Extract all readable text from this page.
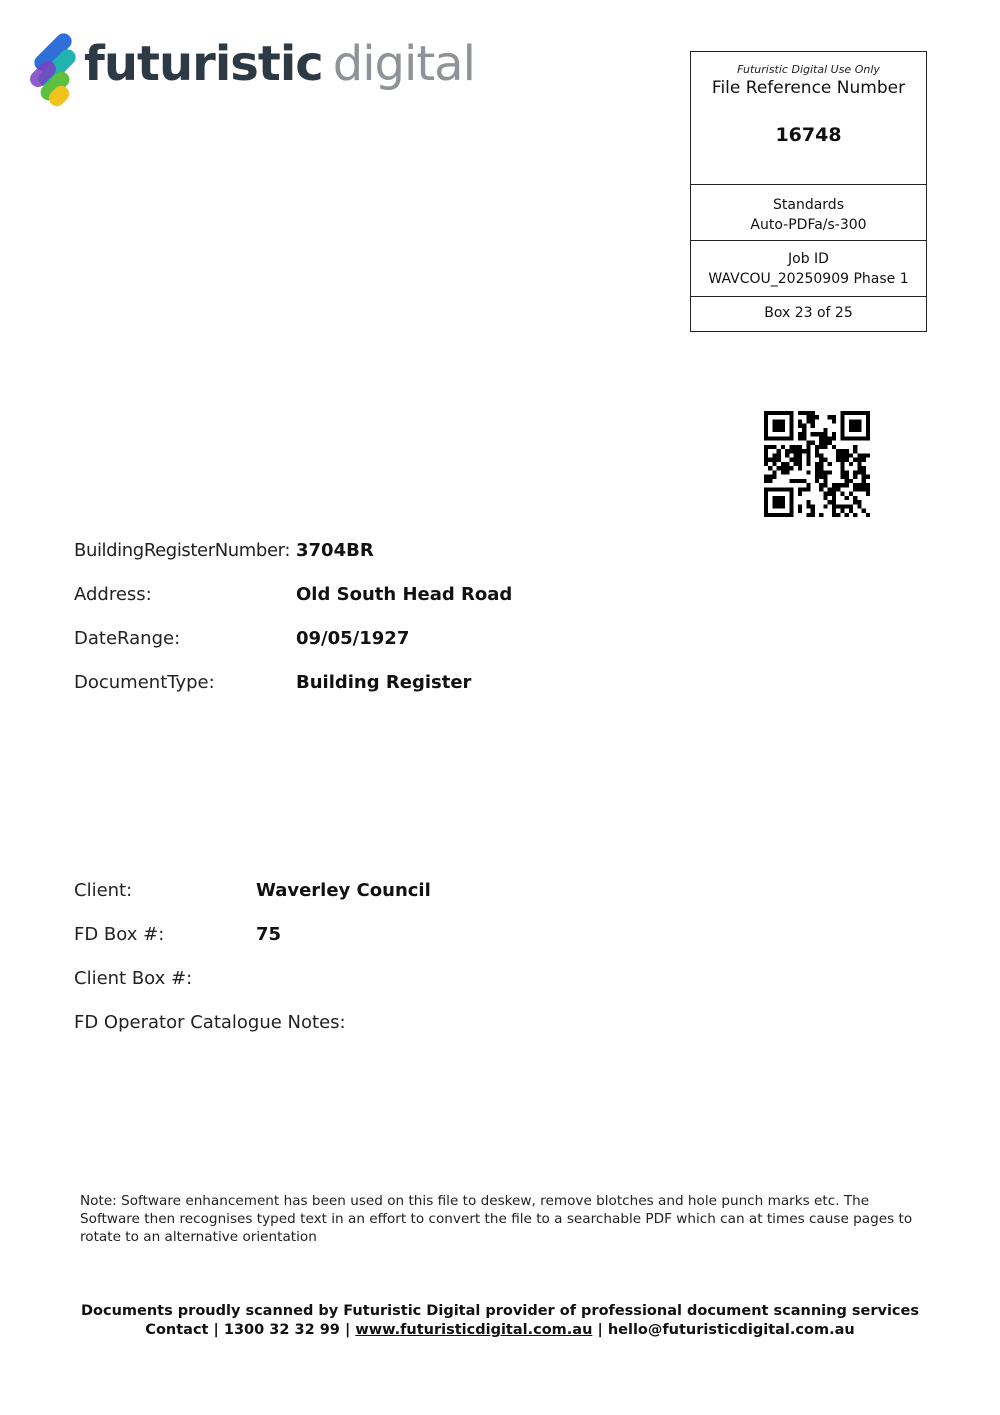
futuristic digital	Futuristic Digital Use Only
File Reference Number
16748
Standards
Auto-PDFa/s-300
Job ID
WAVCOU_20250909 Phase 1
Box 23 of 25
BuildingRegisterNumber: 3704BR
Address:	Old South Head Road
DateRange:	09/05/1927
DocumentType:	Building Register
Client:	Waverley Council
FD Box #:	75
Client Box #:
FD Operator Catalogue Notes:
Note: Software enhancement has been used on this file to deskew, remove blotches and hole punch marks etc. The Software then recognises typed text in an effort to convert the file to a searchable PDF which can at times cause pages to rotate to an alternative orientation
Documents proudly scanned by Futuristic Digital provider of professional document scanning services
Contact | 1300 32 32 99 | www.futuristicdigital.com.au | hello@futuristicdigital.com.au
